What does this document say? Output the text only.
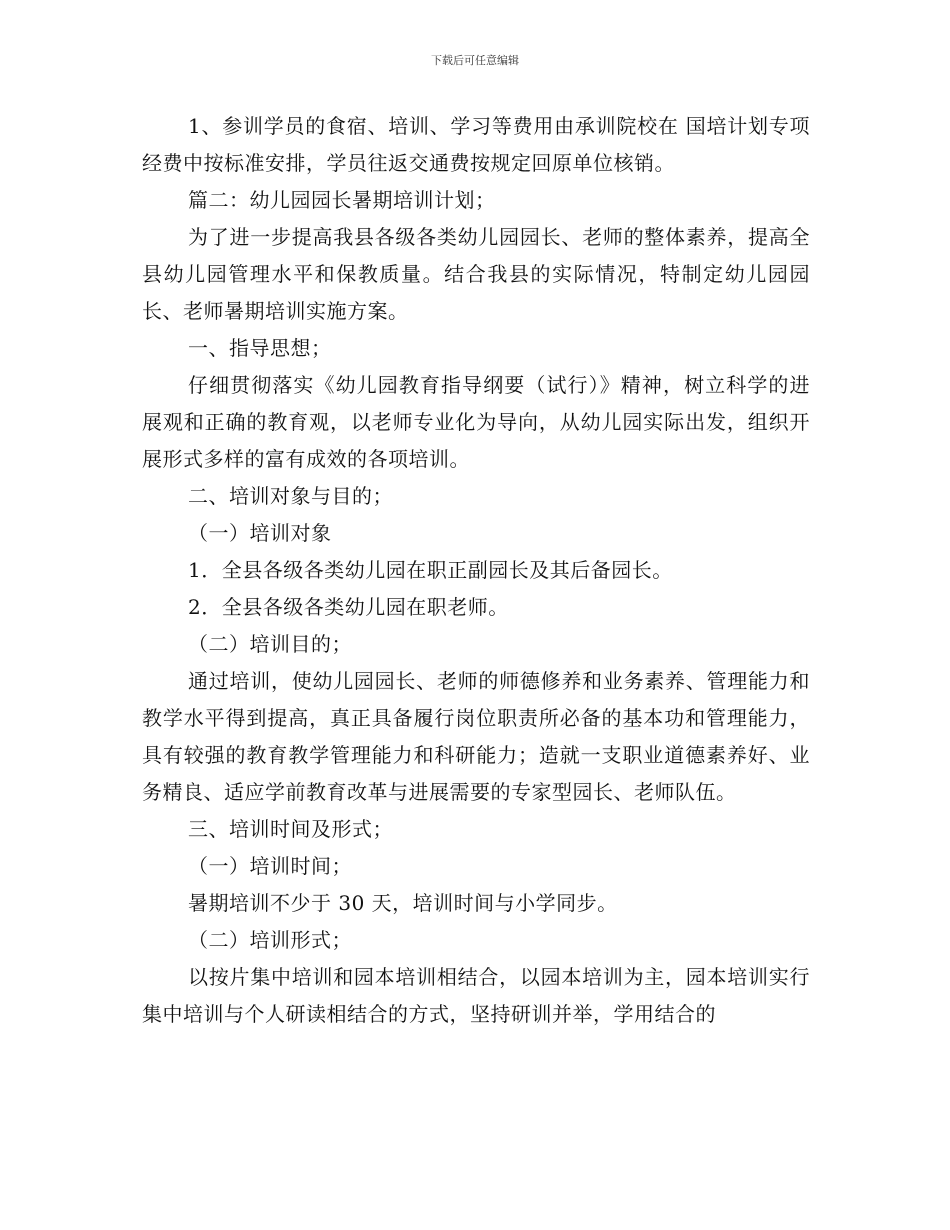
下载后可任意编辑

1、参训学员的食宿、培训、学习等费用由承训院校在 国培计划专项经费中按标准安排，学员往返交通费按规定回原单位核销。

篇二：幼儿园园长暑期培训计划；

为了进一步提高我县各级各类幼儿园园长、老师的整体素养，提高全县幼儿园管理水平和保教质量。结合我县的实际情况，特制定幼儿园园长、老师暑期培训实施方案。

一、指导思想；

仔细贯彻落实《幼儿园教育指导纲要（试行）》精神，树立科学的进展观和正确的教育观，以老师专业化为导向，从幼儿园实际出发，组织开展形式多样的富有成效的各项培训。

二、培训对象与目的；

（一）培训对象

1．全县各级各类幼儿园在职正副园长及其后备园长。

2．全县各级各类幼儿园在职老师。

（二）培训目的；

通过培训，使幼儿园园长、老师的师德修养和业务素养、管理能力和教学水平得到提高，真正具备履行岗位职责所必备的基本功和管理能力，具有较强的教育教学管理能力和科研能力；造就一支职业道德素养好、业务精良、适应学前教育改革与进展需要的专家型园长、老师队伍。

三、培训时间及形式；

（一）培训时间；

暑期培训不少于 30 天，培训时间与小学同步。

（二）培训形式；

以按片集中培训和园本培训相结合，以园本培训为主，园本培训实行集中培训与个人研读相结合的方式，坚持研训并举，学用结合的
